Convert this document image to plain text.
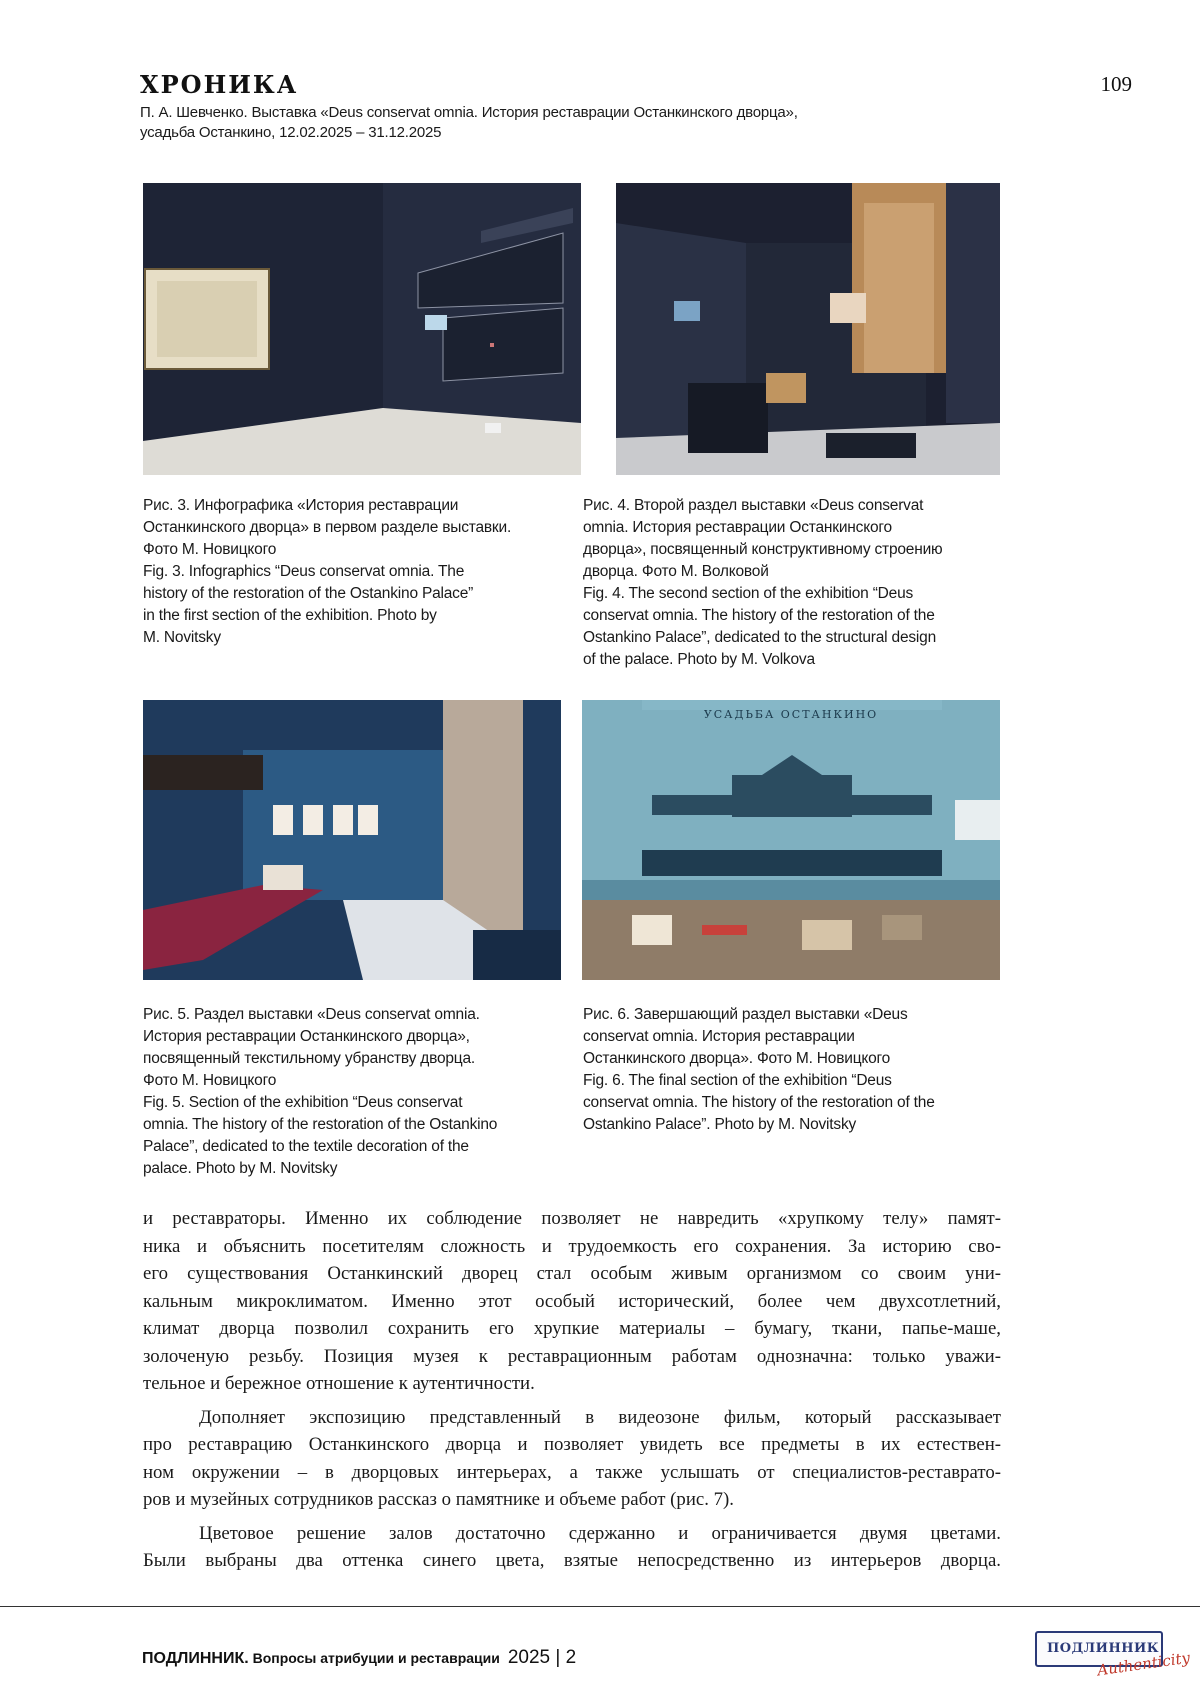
ХРОНИКА	109
П. А. Шевченко. Выставка «Deus conservat omnia. История реставрации Останкинского дворца»,
усадьба Останкино, 12.02.2025 – 31.12.2025
УСАДЬБА ОСТАНКИНО
Рис. 3. Инфографика «История реставрации
Останкинского дворца» в первом разделе выставки.
Фото М. Новицкого
Fig. 3. Infographics “Deus conservat omnia. The
history of the restoration of the Ostankino Palace”
in the first section of the exhibition. Photo by
M. Novitsky
Рис. 4. Второй раздел выставки «Deus conservat
omnia. История реставрации Останкинского
дворца», посвященный конструктивному строению
дворца. Фото М. Волковой
Fig. 4. The second section of the exhibition “Deus
conservat omnia. The history of the restoration of the
Ostankino Palace”, dedicated to the structural design
of the palace. Photo by M. Volkova
Рис. 5. Раздел выставки «Deus conservat omnia.
История реставрации Останкинского дворца»,
посвященный текстильному убранству дворца.
Фото М. Новицкого
Fig. 5. Section of the exhibition “Deus conservat
omnia. The history of the restoration of the Ostankino
Palace”, dedicated to the textile decoration of the
palace. Photo by M. Novitsky
Рис. 6. Завершающий раздел выставки «Deus
conservat omnia. История реставрации
Останкинского дворца». Фото М. Новицкого
Fig. 6. The final section of the exhibition “Deus
conservat omnia. The history of the restoration of the
Ostankino Palace”. Photo by M. Novitsky
и реставраторы. Именно их соблюдение позволяет не навредить «хрупкому телу» памят-
ника и объяснить посетителям сложность и трудоемкость его сохранения. За историю сво-
его существования Останкинский дворец стал особым живым организмом со своим уни-
кальным микроклиматом. Именно этот особый исторический, более чем двухсотлетний,
климат дворца позволил сохранить его хрупкие материалы – бумагу, ткани, папье-маше,
золоченую резьбу. Позиция музея к реставрационным работам однозначна: только уважи-
тельное и бережное отношение к аутентичности.
Дополняет экспозицию представленный в видеозоне фильм, который рассказывает
про реставрацию Останкинского дворца и позволяет увидеть все предметы в их естествен-
ном окружении – в дворцовых интерьерах, а также услышать от специалистов-реставрато-
ров и музейных сотрудников рассказ о памятнике и объеме работ (рис. 7).
Цветовое решение залов достаточно сдержанно и ограничивается двумя цветами.
Были выбраны два оттенка синего цвета, взятые непосредственно из интерьеров дворца.
ПОДЛИННИК. Вопросы атрибуции и реставрации 2025 | 2	ПОДЛИННИК
Authenticity
